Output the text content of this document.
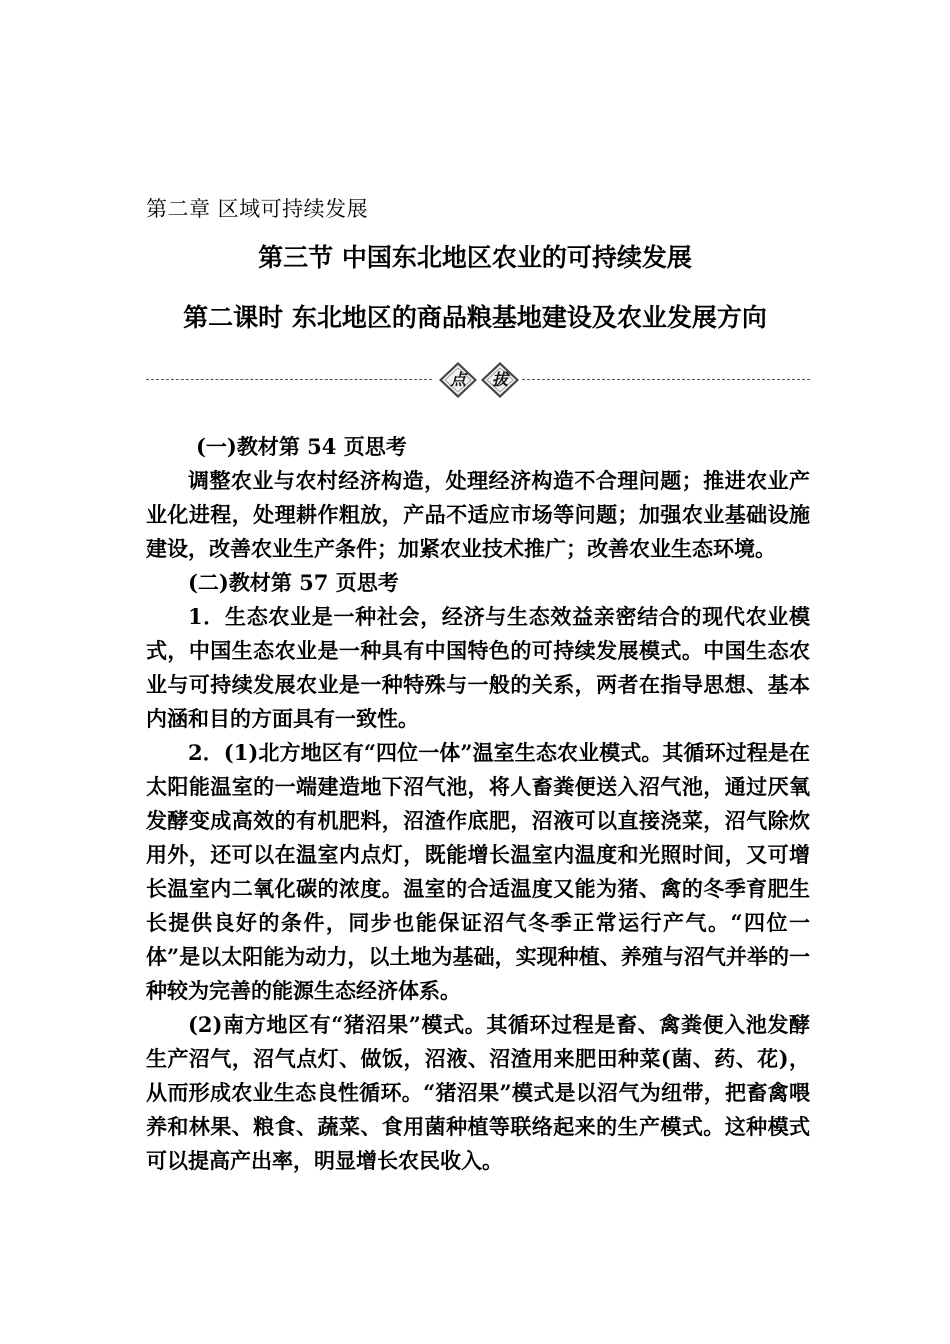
第二章 区域可持续发展
第三节 中国东北地区农业的可持续发展
第二课时 东北地区的商品粮基地建设及农业发展方向
点	拔

(一)教材第 54 页思考

调整农业与农村经济构造，处理经济构造不合理问题；推进农业产业化进程，处理耕作粗放，产品不适应市场等问题；加强农业基础设施建设，改善农业生产条件；加紧农业技术推广；改善农业生态环境。

(二)教材第 57 页思考

1．生态农业是一种社会，经济与生态效益亲密结合的现代农业模式，中国生态农业是一种具有中国特色的可持续发展模式。中国生态农业与可持续发展农业是一种特殊与一般的关系，两者在指导思想、基本内涵和目的方面具有一致性。

2．(1)北方地区有“四位一体”温室生态农业模式。其循环过程是在太阳能温室的一端建造地下沼气池，将人畜粪便送入沼气池，通过厌氧发酵变成高效的有机肥料，沼渣作底肥，沼液可以直接浇菜，沼气除炊用外，还可以在温室内点灯，既能增长温室内温度和光照时间，又可增长温室内二氧化碳的浓度。温室的合适温度又能为猪、禽的冬季育肥生长提供良好的条件，同步也能保证沼气冬季正常运行产气。“四位一体”是以太阳能为动力，以土地为基础，实现种植、养殖与沼气并举的一种较为完善的能源生态经济体系。

(2)南方地区有“猪沼果”模式。其循环过程是畜、禽粪便入池发酵生产沼气，沼气点灯、做饭，沼液、沼渣用来肥田种菜(菌、药、花)，从而形成农业生态良性循环。“猪沼果”模式是以沼气为纽带，把畜禽喂养和林果、粮食、蔬菜、食用菌种植等联络起来的生产模式。这种模式可以提高产出率，明显增长农民收入。
